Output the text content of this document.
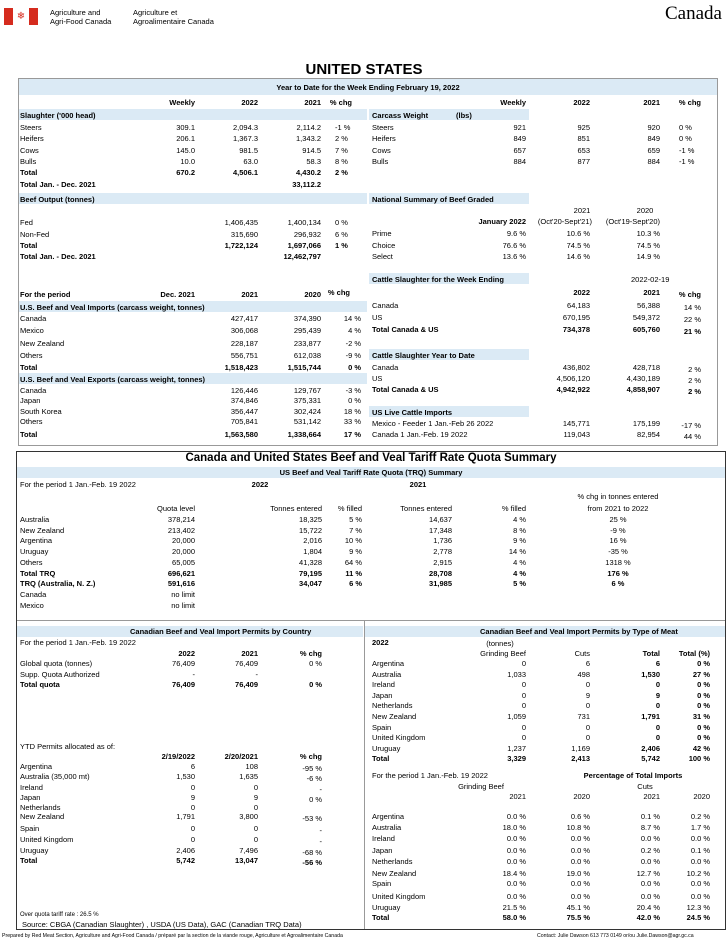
❄	Agriculture and
Agri-Food Canada
Agriculture et
Agroalimentaire Canada	Canada
UNITED STATES
Year to Date for the Week Ending February 19, 2022
Weekly	2022	2021 % chg
Slaughter ('000 head)
Steers	309.1	2,094.3	2,114.2 -1 %
Heifers	206.1	1,367.3	1,343.2 2 %
Cows	145.0	981.5	914.5 7 %
Bulls	10.0	63.0	58.3 8 %
Total	670.2	4,506.1	4,430.2 2 %
Total Jan. - Dec. 2021	33,112.2
Weekly	2022	2021	% chg
Carcass Weight	(lbs)
Steers	921	925	920	0 %
Heifers	849	851	849	0 %
Cows	657	653	659	-1 %
Bulls	884	877	884	-1 %
Beef Output (tonnes)
Fed	1,406,435	1,400,134 0 %
Non-Fed	315,690	296,932 6 %
Total	1,722,124	1,697,066 1 %
Total Jan. - Dec. 2021	12,462,797
National Summary of Beef Graded
2021	2020
January 2022 (Oct'20-Sept'21) (Oct'19-Sept'20)
Prime	9.6 %	10.6 %	10.3 %
Choice	76.6 %	74.5 %	74.5 %
Select	13.6 %	14.6 %	14.9 %
Cattle Slaughter for the Week Ending	2022-02-19
For the period	Dec. 2021	2021	2020 % chg
U.S. Beef and Veal Imports (carcass weight, tonnes)
Canada	427,417	374,390	14 %
Mexico	306,068	295,439	4 %
New Zealand	228,187	233,877	-2 %
Others	556,751	612,038	-9 %
Total	1,518,423	1,515,744	0 %
U.S. Beef and Veal Exports (carcass weight, tonnes)
Canada	126,446	129,767	-3 %
Japan	374,846	375,331	0 %
South Korea	356,447	302,424	18 %
Others	705,841	531,142	33 %
Total	1,563,580	1,338,664	17 %
2022	2021	% chg
Canada	64,183	56,388	14 %
US	670,195	549,372	22 %
Total Canada & US	734,378	605,760	21 %
Cattle Slaughter Year to Date
Canada	436,802	428,718	2 %
US	4,506,120	4,430,189	2 %
Total Canada & US	4,942,922	4,858,907	2 %
US Live Cattle Imports
Mexico - Feeder 1 Jan.-Feb 26 2022	145,771	175,199	-17 %
Canada 1 Jan.-Feb. 19 2022	119,043	82,954	44 %
Canada and United States Beef and Veal Tariff Rate Quota Summary
US Beef and Veal Tariff Rate Quota (TRQ) Summary
For the period 1 Jan.-Feb. 19 2022	2022	2021
% chg in tonnes entered
from 2021 to 2022
Quota level	Tonnes entered % filled	Tonnes entered	% filled
Australia	378,214	18,325	5 %	14,637	4 %	25 %
New Zealand	213,402	15,722	7 %	17,348	8 %	-9 %
Argentina	20,000	2,016	10 %	1,736	9 %	16 %
Uruguay	20,000	1,804	9 %	2,778	14 %	-35 %
Others	65,005	41,328	64 %	2,915	4 %	1318 %
Total TRQ	696,621	79,195	11 %	28,708	4 %	176 %
TRQ (Australia, N. Z.)	591,616	34,047	6 %	31,985	5 %	6 %
Canada	no limit
Mexico	no limit
Canadian Beef and Veal Import Permits by Country
For the period 1 Jan.-Feb. 19 2022
2022	2021	% chg
Global quota (tonnes)	76,409	76,409	0 %
Supp. Quota Authorized	-	-
Total quota	76,409	76,409	0 %
YTD Permits allocated as of:
2/19/2022	2/20/2021	% chg
Argentina	6	108	-95 %
Australia (35,000 mt)	1,530	1,635	-6 %
Ireland	0	0	-
Japan	9	9	0 %
Netherlands	0	0
New Zealand	1,791	3,800	-53 %
Spain	0	0	-
United Kingdom	0	0	-
Uruguay	2,406	7,496	-68 %
Total	5,742	13,047	-56 %
Over quota tariff rate : 26.5 %
Canadian Beef and Veal Import Permits by Type of Meat
2022	(tonnes)
Grinding Beef	Cuts	Total	Total (%)
Argentina	0	6	6	0 %
Australia	1,033	498	1,530	27 %
Ireland	0	0	0	0 %
Japan	0	9	9	0 %
Netherlands	0	0	0	0 %
New Zealand	1,059	731	1,791	31 %
Spain	0	0	0	0 %
United Kingdom	0	0	0	0 %
Uruguay	1,237	1,169	2,406	42 %
Total	3,329	2,413	5,742	100 %
For the period 1 Jan.-Feb. 19 2022	Percentage of Total Imports
Grinding Beef	Cuts
2021	2020	2021	2020
Argentina	0.0 %	0.6 %	0.1 %	0.2 %
Australia	18.0 %	10.8 %	8.7 %	1.7 %
Ireland	0.0 %	0.0 %	0.0 %	0.0 %
Japan	0.0 %	0.0 %	0.2 %	0.1 %
Netherlands	0.0 %	0.0 %	0.0 %	0.0 %
New Zealand	18.4 %	19.0 %	12.7 %	10.2 %
Spain	0.0 %	0.0 %	0.0 %	0.0 %
United Kingdom	0.0 %	0.0 %	0.0 %	0.0 %
Uruguay	21.5 %	45.1 %	20.4 %	12.3 %
Total	58.0 %	75.5 %	42.0 %	24.5 %
Source: CBGA (Canadian Slaughter) , USDA (US Data), GAC (Canadian TRQ Data)
Prepared by Red Meat Section, Agriculture and Agri-Food Canada / préparé par la section de la viande rouge, Agriculture et Agroalimentaire Canada	Contact: Julie Dawson 613 773 0149 or/ou Julie.Dawson@agr.gc.ca
